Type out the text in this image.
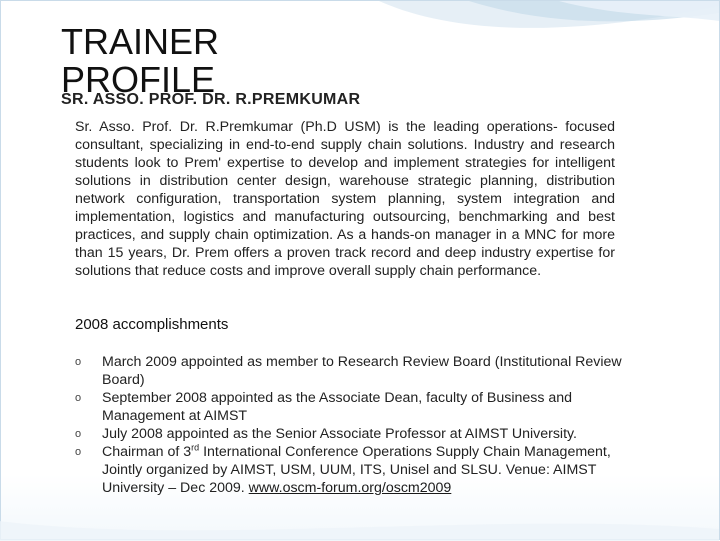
TRAINER PROFILE
SR. ASSO. PROF. DR. R.PREMKUMAR

Sr. Asso. Prof. Dr. R.Premkumar (Ph.D USM) is the leading operations- focused consultant, specializing in end-to-end supply chain solutions. Industry and research students look to Prem' expertise to develop and implement strategies for intelligent solutions in distribution center design, warehouse strategic planning, distribution network configuration, transportation system planning, system integration and implementation, logistics and manufacturing outsourcing, benchmarking and best practices, and supply chain optimization. As a hands-on manager in a MNC for more than 15 years, Dr. Prem offers a proven track record and deep industry expertise for solutions that reduce costs and improve overall supply chain performance.

2008 accomplishments
o March 2009 appointed as member to Research Review Board (Institutional Review Board)
o September 2008 appointed as the Associate Dean, faculty of Business and Management at AIMST
o July 2008 appointed as the Senior Associate Professor at AIMST University.
o Chairman of 3rd International Conference Operations Supply Chain Management, Jointly organized by AIMST, USM, UUM, ITS, Unisel and SLSU. Venue: AIMST University – Dec 2009. www.oscm-forum.org/oscm2009
